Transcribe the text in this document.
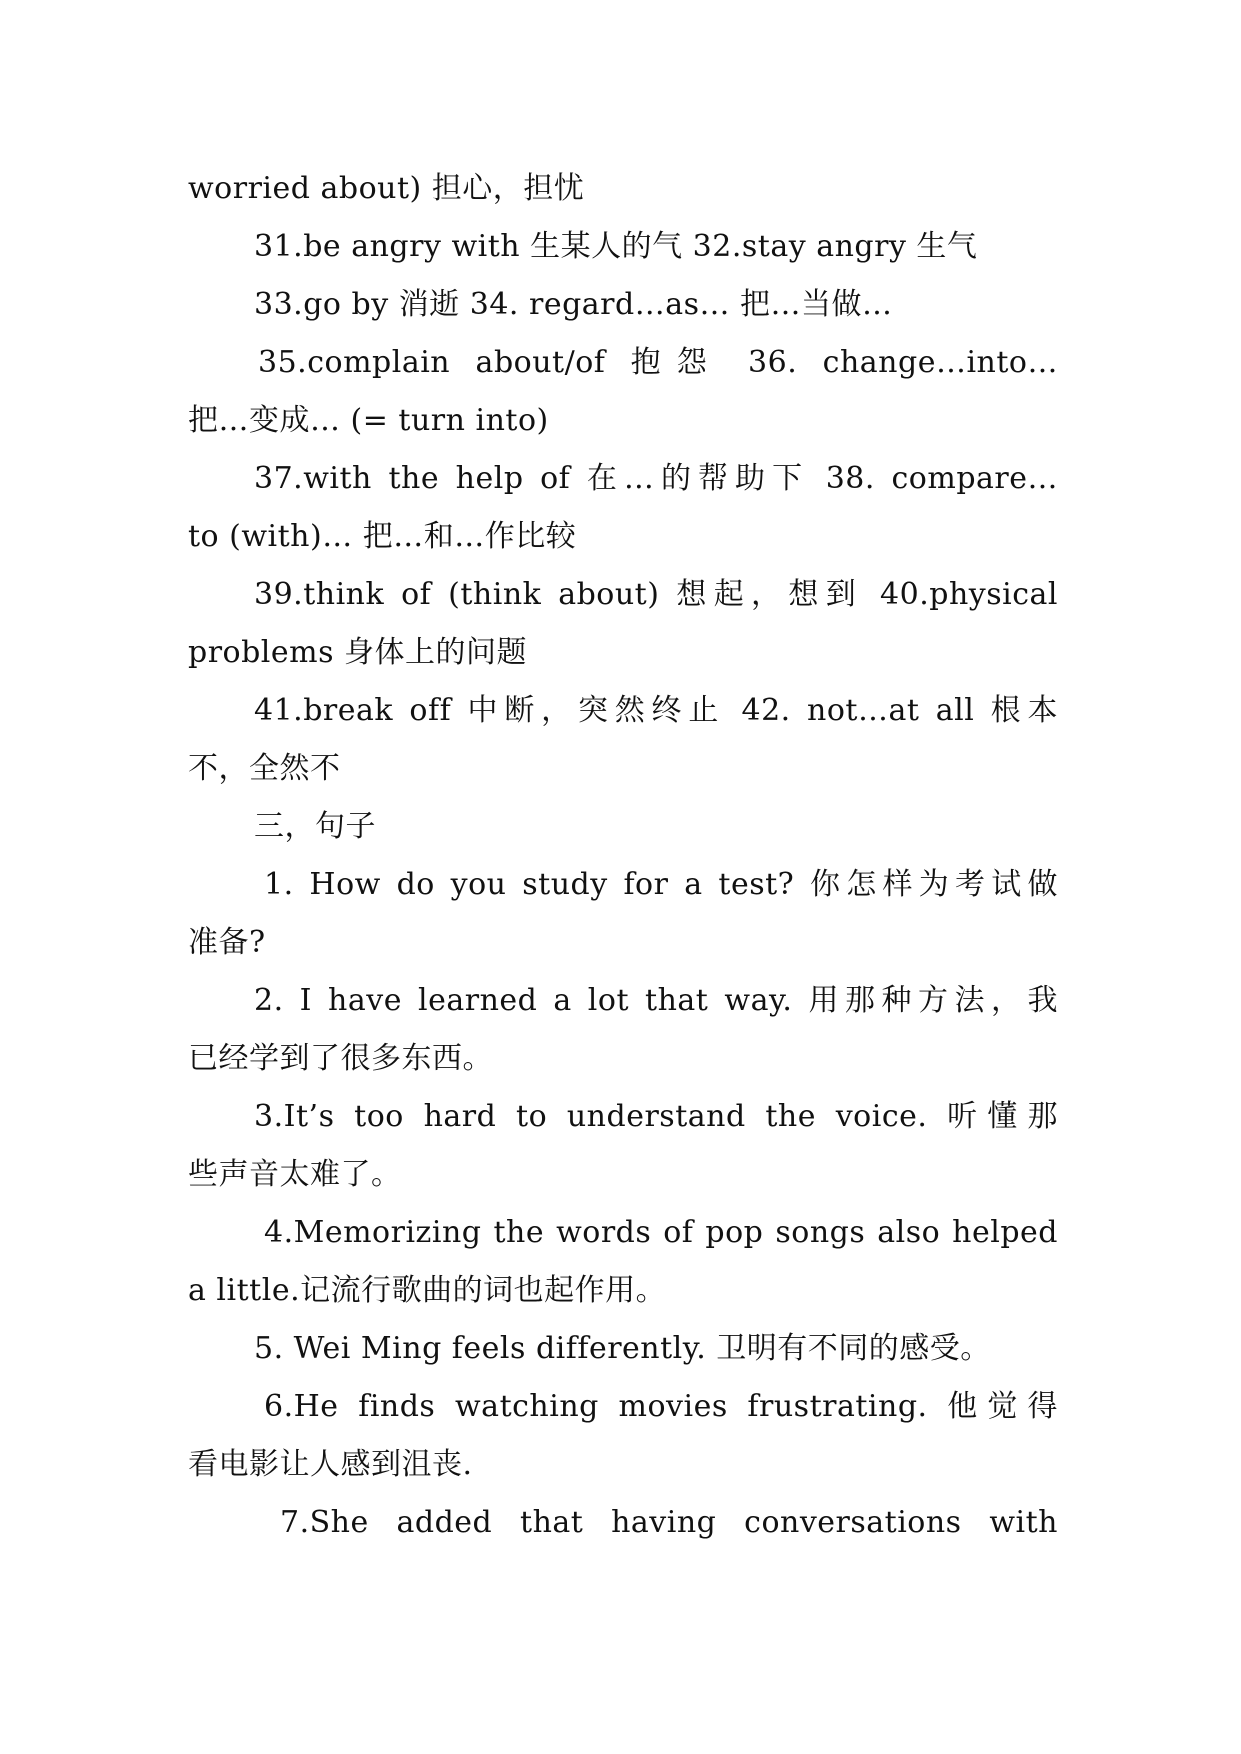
worried about) 担心，担忧

31.be angry with 生某人的气 32.stay angry 生气

33.go by 消逝 34. regard…as… 把…当做…

35.complain about/of 抱怨 36. change…into…

把…变成… (= turn into)

37.with the help of 在…的帮助下 38. compare…

to (with)… 把…和…作比较

39.think of (think about) 想起，想到 40.physical

problems 身体上的问题

41.break off 中断，突然终止 42. not…at all 根本

不，全然不

三，句子

1. How do you study for a test? 你怎样为考试做

准备?

2. I have learned a lot that way. 用那种方法，我

已经学到了很多东西。

3.It’s too hard to understand the voice. 听懂那

些声音太难了。

4.Memorizing the words of pop songs also helped

a little.记流行歌曲的词也起作用。

5. Wei Ming feels differently. 卫明有不同的感受。

6.He finds watching movies frustrating. 他觉得

看电影让人感到沮丧.

7.She added that having conversations with
